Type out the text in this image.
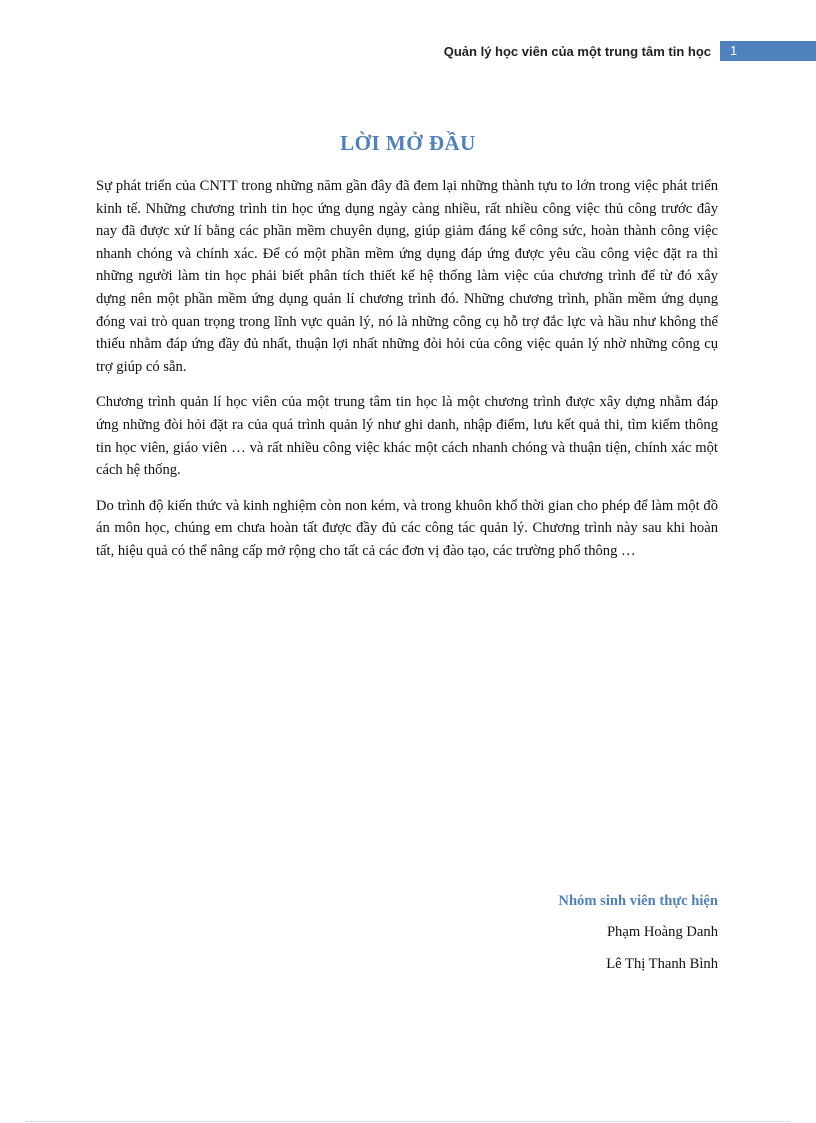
Quản lý học viên của một trung tâm tin học	1
LỜI MỞ ĐẦU

Sự phát triển của CNTT trong những năm gần đây đã đem lại những thành tựu to lớn trong việc phát triển kinh tế. Những chương trình tin học ứng dụng ngày càng nhiều, rất nhiều công việc thủ công trước đây nay đã được xử lí bằng các phần mềm chuyên dụng, giúp giảm đáng kể công sức, hoàn thành công việc nhanh chóng và chính xác. Để có một phần mềm ứng dụng đáp ứng được yêu cầu công việc đặt ra thì những người làm tin học phải biết phân tích thiết kế hệ thống làm việc của chương trình để từ đó xây dựng nên một phần mềm ứng dụng quản lí chương trình đó. Những chương trình, phần mềm ứng dụng đóng vai trò quan trọng trong lĩnh vực quản lý, nó là những công cụ hỗ trợ đắc lực và hầu như không thể thiếu nhằm đáp ứng đầy đủ nhất, thuận lợi nhất những đòi hỏi của công việc quản lý nhờ những công cụ trợ giúp có sẵn.

Chương trình quản lí học viên của một trung tâm tin học là một chương trình được xây dựng nhằm đáp ứng những đòi hỏi đặt ra của quá trình quản lý như ghi danh, nhập điểm, lưu kết quả thi, tìm kiếm thông tin học viên, giáo viên … và rất nhiều công việc khác một cách nhanh chóng và thuận tiện, chính xác một cách hệ thống.

Do trình độ kiến thức và kinh nghiệm còn non kém, và trong khuôn khổ thời gian cho phép để làm một đồ án môn học, chúng em chưa hoàn tất được đầy đủ các công tác quản lý. Chương trình này sau khi hoàn tất, hiệu quả có thể nâng cấp mở rộng cho tất cả các đơn vị đào tạo, các trường phổ thông …

Nhóm sinh viên thực hiện

Phạm Hoàng Danh

Lê Thị Thanh Bình
